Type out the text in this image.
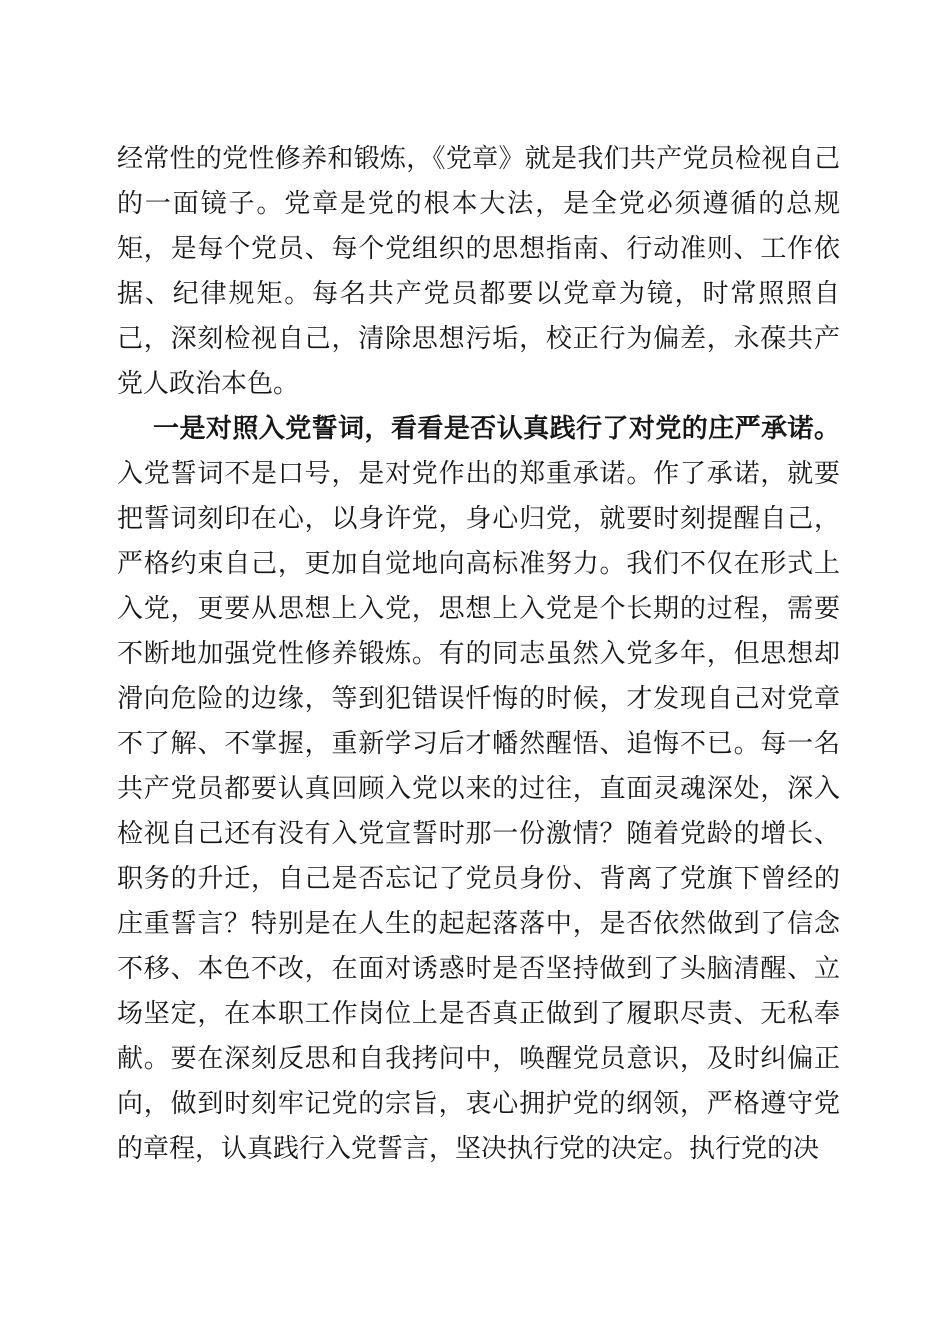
经常性的党性修养和锻炼，《党章》就是我们共产党员检视自己的一面镜子。党章是党的根本大法，是全党必须遵循的总规矩，是每个党员、每个党组织的思想指南、行动准则、工作依据、纪律规矩。每名共产党员都要以党章为镜，时常照照自己，深刻检视自己，清除思想污垢，校正行为偏差，永葆共产党人政治本色。

一是对照入党誓词，看看是否认真践行了对党的庄严承诺。入党誓词不是口号，是对党作出的郑重承诺。作了承诺，就要把誓词刻印在心，以身许党，身心归党，就要时刻提醒自己，严格约束自己，更加自觉地向高标准努力。我们不仅在形式上入党，更要从思想上入党，思想上入党是个长期的过程，需要不断地加强党性修养锻炼。有的同志虽然入党多年，但思想却滑向危险的边缘，等到犯错误忏悔的时候，才发现自己对党章不了解、不掌握，重新学习后才幡然醒悟、追悔不已。每一名共产党员都要认真回顾入党以来的过往，直面灵魂深处，深入检视自己还有没有入党宣誓时那一份激情？随着党龄的增长、职务的升迁，自己是否忘记了党员身份、背离了党旗下曾经的庄重誓言？特别是在人生的起起落落中，是否依然做到了信念不移、本色不改，在面对诱惑时是否坚持做到了头脑清醒、立场坚定，在本职工作岗位上是否真正做到了履职尽责、无私奉献。要在深刻反思和自我拷问中，唤醒党员意识，及时纠偏正向，做到时刻牢记党的宗旨，衷心拥护党的纲领，严格遵守党的章程，认真践行入党誓言，坚决执行党的决定。执行党的决
